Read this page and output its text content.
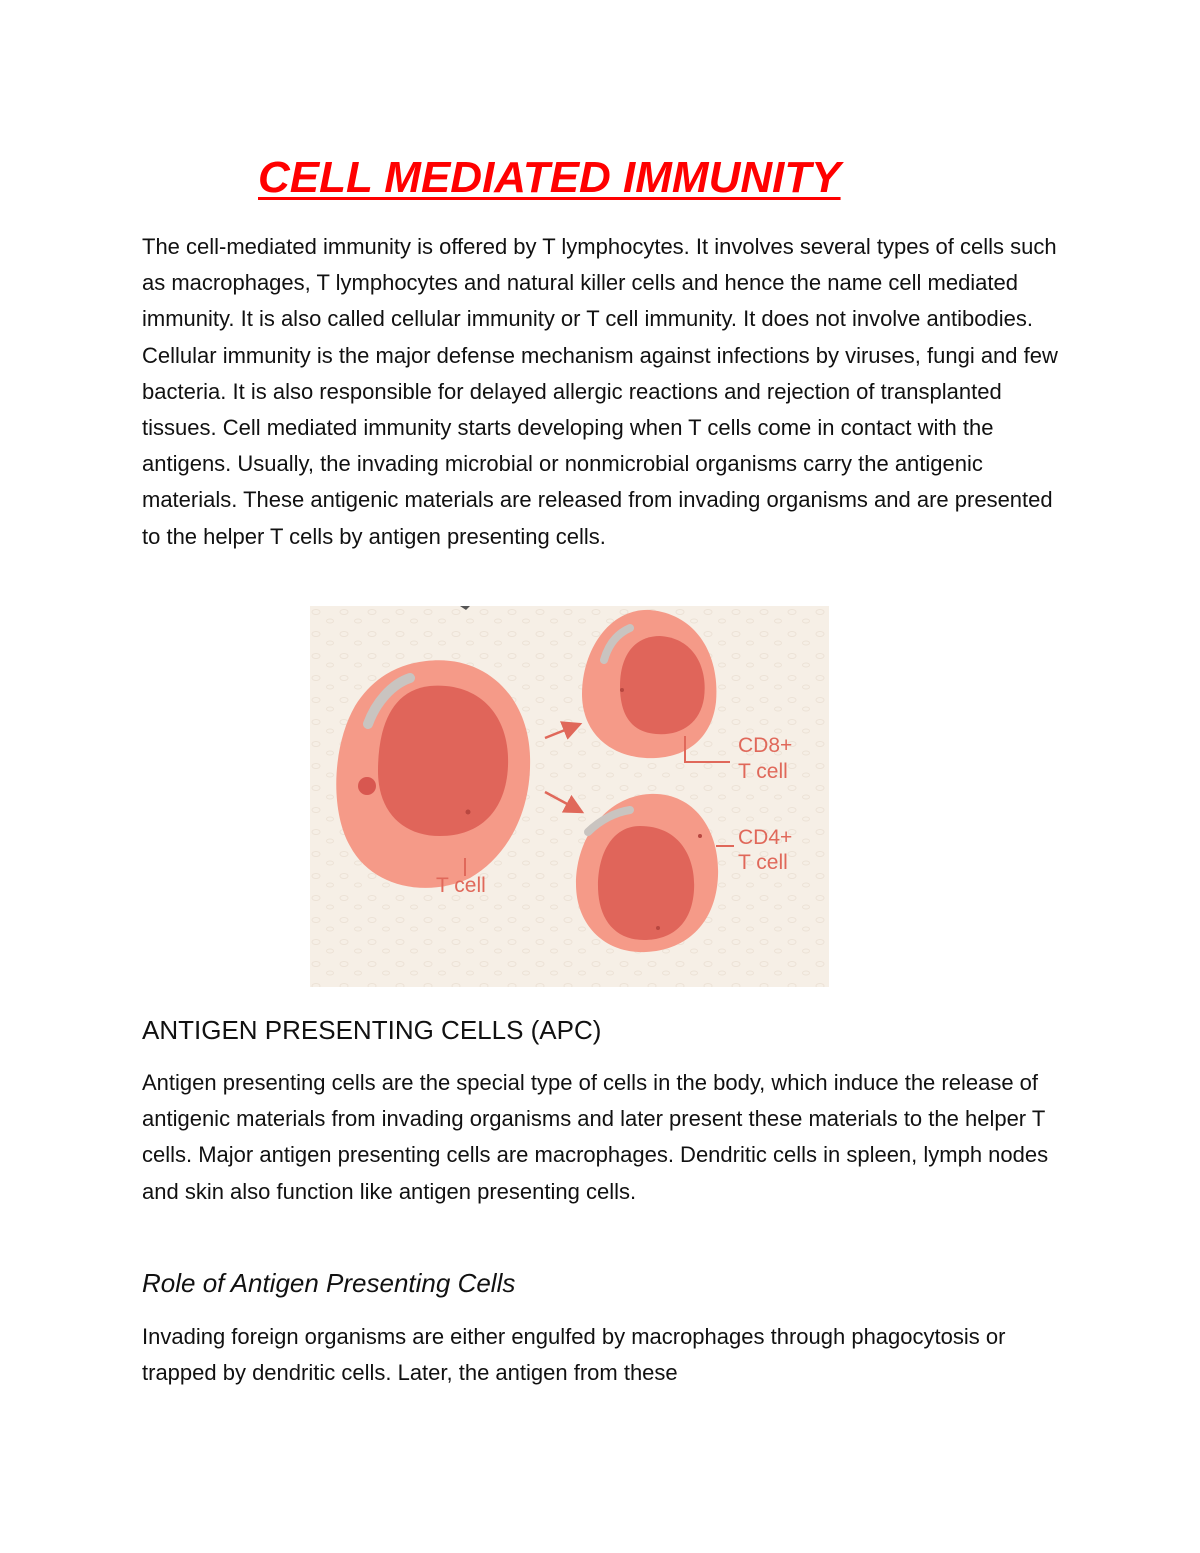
CELL MEDIATED IMMUNITY

The cell-mediated immunity is offered by T lymphocytes. It involves several types of cells such as macrophages, T lymphocytes and natural killer cells and hence the name cell mediated immunity. It is also called cellular immunity or T cell immunity. It does not involve antibodies. Cellular immunity is the major defense mechanism against infections by viruses, fungi and few bacteria. It is also responsible for delayed allergic reactions and rejection of transplanted tissues. Cell mediated immunity starts developing when T cells come in contact with the antigens. Usually, the invading microbial or nonmicrobial organisms carry the antigenic materials. These antigenic materials are released from invading organisms and are presented to the helper T cells by antigen presenting cells.

T cell
CD8+
T cell
CD4+
T cell
ANTIGEN PRESENTING CELLS (APC)

Antigen presenting cells are the special type of cells in the body, which induce the release of antigenic materials from invading organisms and later present these materials to the helper T cells. Major antigen presenting cells are macrophages. Dendritic cells in spleen, lymph nodes and skin also function like antigen presenting cells.

Role of Antigen Presenting Cells

Invading foreign organisms are either engulfed by macrophages through phagocytosis or trapped by dendritic cells. Later, the antigen from these
